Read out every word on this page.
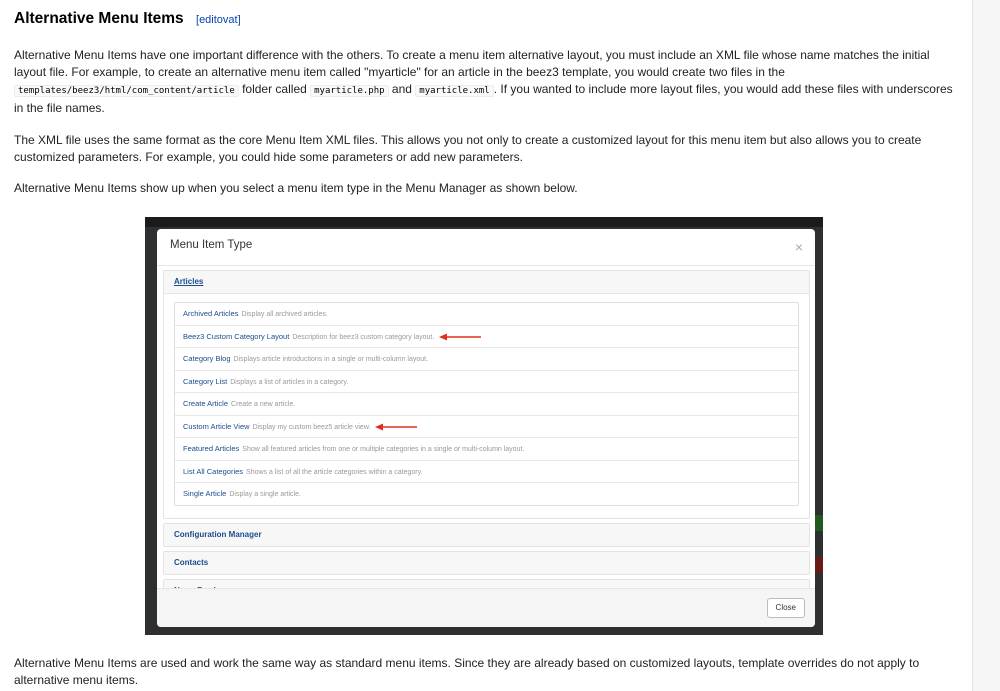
Alternative Menu Items [editovat]

Alternative Menu Items have one important difference with the others. To create a menu item alternative layout, you must include an XML file whose name matches the initial layout file. For example, to create an alternative menu item called "myarticle" for an article in the beez3 template, you would create two files in the templates/beez3/html/com_content/article folder called myarticle.php and myarticle.xml . If you wanted to include more layout files, you would add these files with underscores in the file names.

The XML file uses the same format as the core Menu Item XML files. This allows you not only to create a customized layout for this menu item but also allows you to create customized parameters. For example, you could hide some parameters or add new parameters.

Alternative Menu Items show up when you select a menu item type in the Menu Manager as shown below.

Alternative Menu Items are used and work the same way as standard menu items. Since they are already based on customized layouts, template overrides do not apply to alternative menu items.

Menu Item Type	×
Articles
Archived Articles Display all archived articles.
Beez3 Custom Category Layout Description for beez3 custom category layout.
Category Blog Displays article introductions in a single or multi-column layout.
Category List Displays a list of articles in a category.
Create Article Create a new article.
Custom Article View Display my custom beez5 article view.
Featured Articles Show all featured articles from one or multiple categories in a single or multi-column layout.
List All Categories Shows a list of all the article categories within a category.
Single Article Display a single article.
Configuration Manager
Contacts
Close
